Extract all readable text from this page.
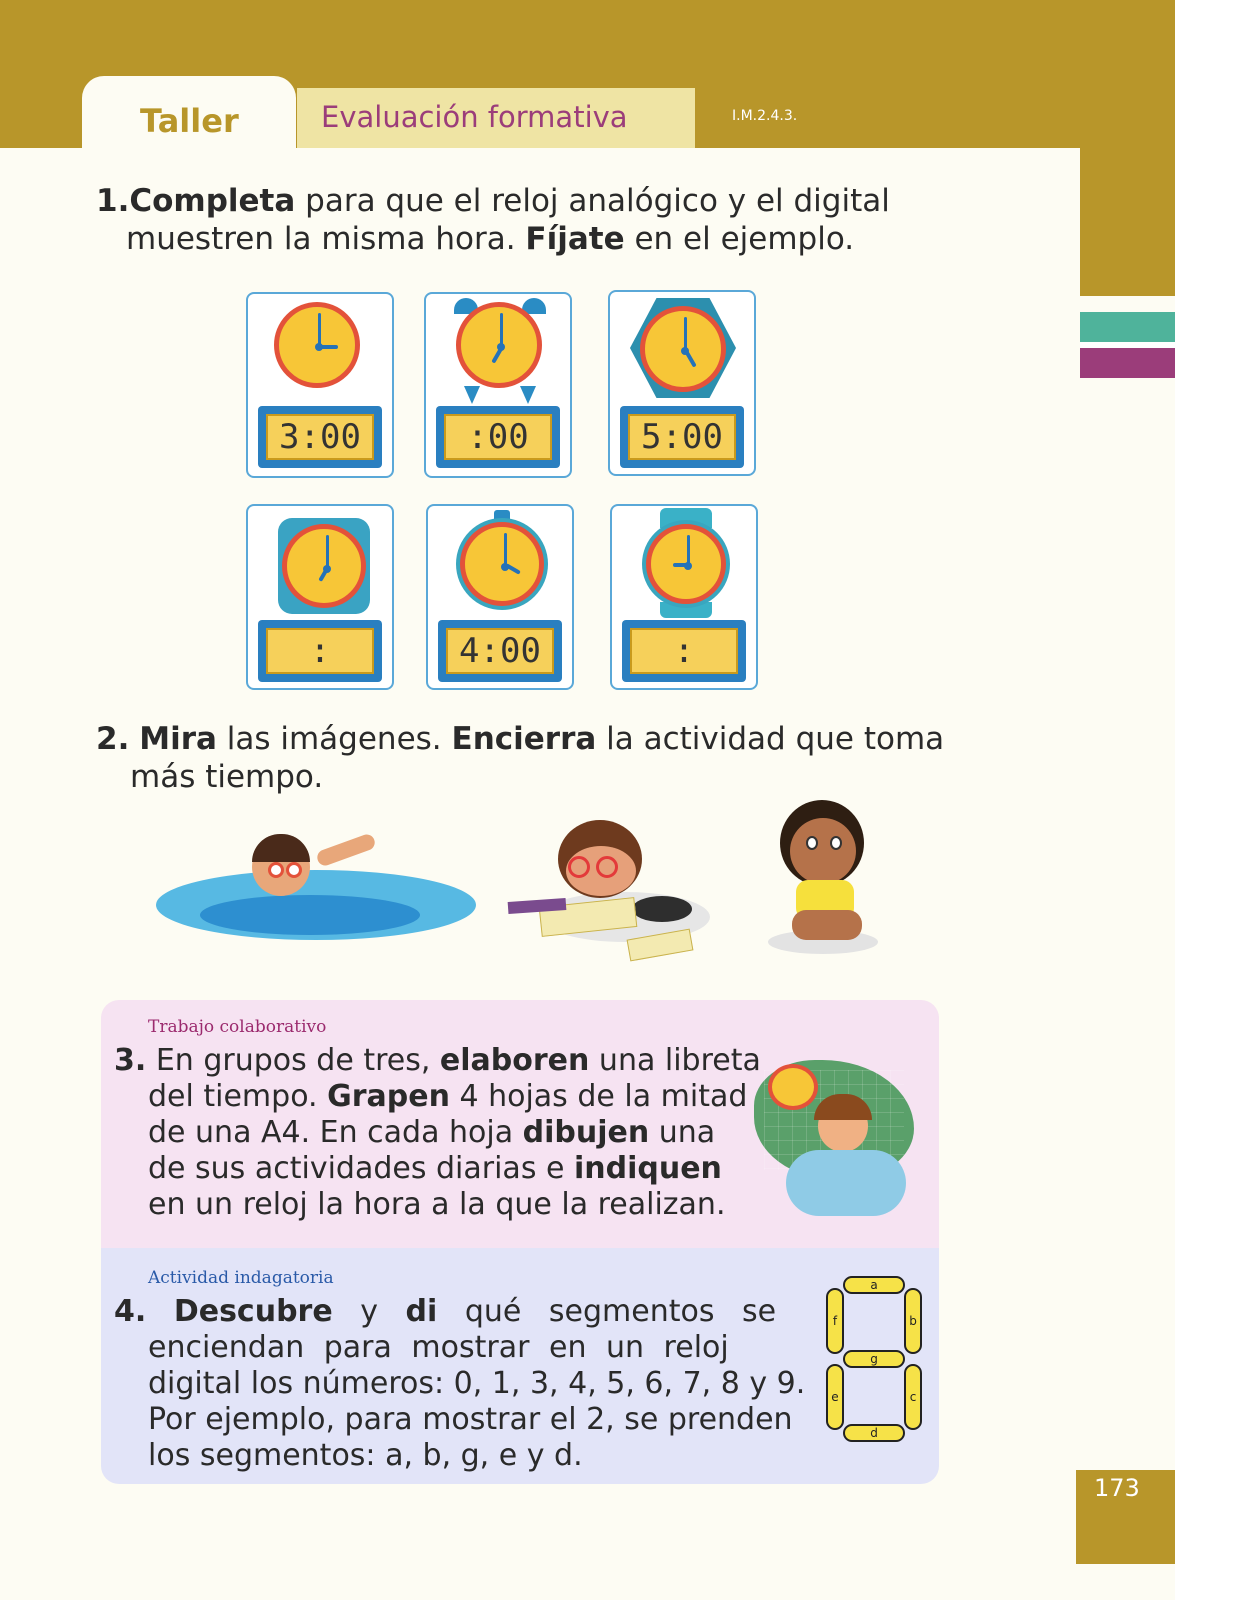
Taller	Evaluación formativa	I.M.2.4.3.
1.Completa para que el reloj analógico y el digital
muestren la misma hora. Fíjate en el ejemplo.
3:00	:00	5:00
:	4:00	:
2. Mira las imágenes. Encierra la actividad que toma
más tiempo.
Trabajo colaborativo
3. En grupos de tres, elaboren una libreta
del tiempo. Grapen 4 hojas de la mitad
de una A4. En cada hoja dibujen una
de sus actividades diarias e indiquen
en un reloj la hora a la que la realizan.
Actividad indagatoria
4. Descubre y di qué segmentos se
enciendan para mostrar en un reloj
digital los números: 0, 1, 3, 4, 5, 6, 7, 8 y 9.
Por ejemplo, para mostrar el 2, se prenden
los segmentos: a, b, g, e y d.
a
f	b
g
e	c
d
173
